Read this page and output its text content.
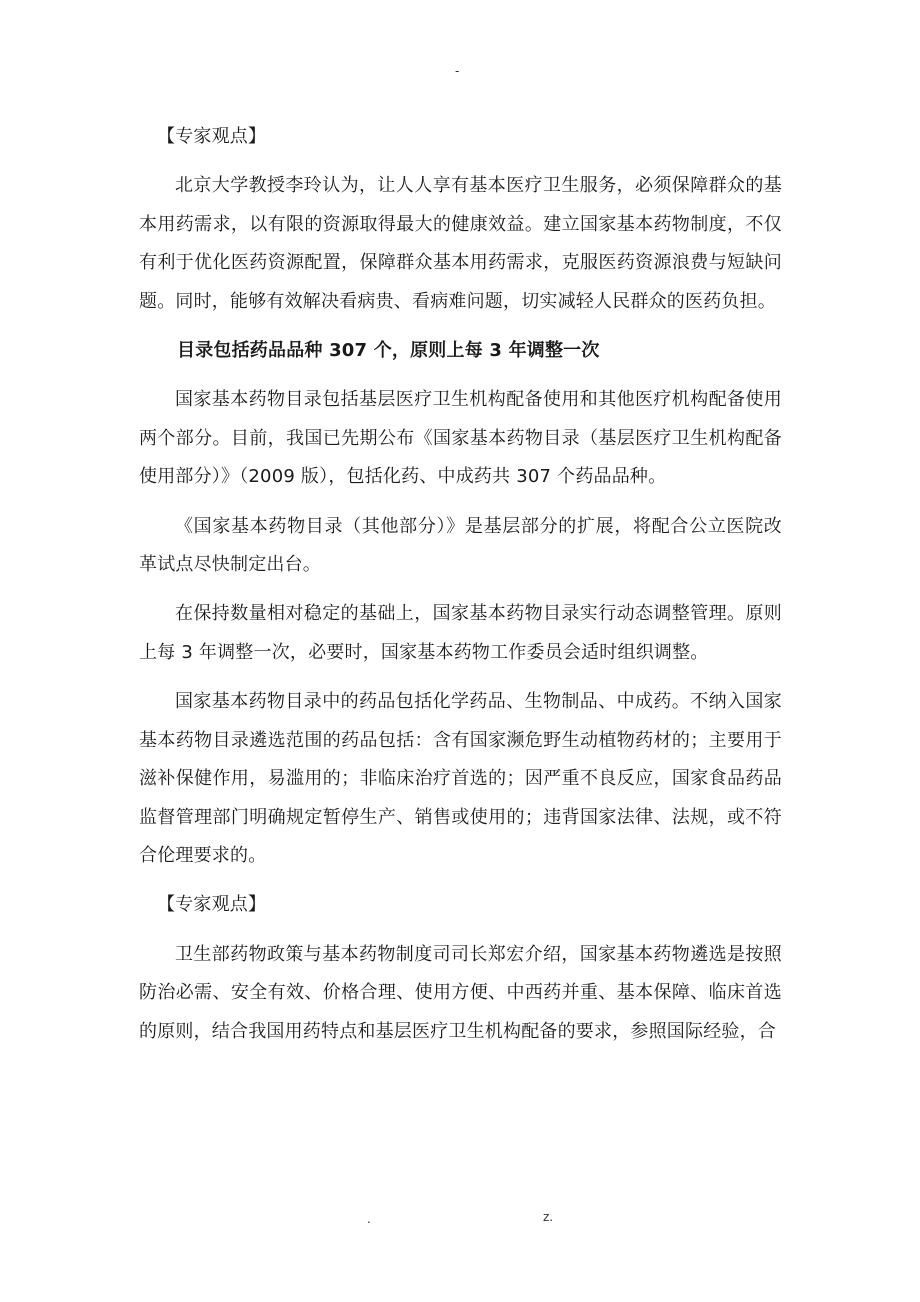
-

【专家观点】

北京大学教授李玲认为，让人人享有基本医疗卫生服务，必须保障群众的基本用药需求，以有限的资源取得最大的健康效益。建立国家基本药物制度，不仅有利于优化医药资源配置，保障群众基本用药需求，克服医药资源浪费与短缺问题。同时，能够有效解决看病贵、看病难问题，切实减轻人民群众的医药负担。

目录包括药品品种 307 个，原则上每 3 年调整一次

国家基本药物目录包括基层医疗卫生机构配备使用和其他医疗机构配备使用两个部分。目前，我国已先期公布《国家基本药物目录（基层医疗卫生机构配备使用部分）》（2009 版），包括化药、中成药共 307 个药品品种。

《国家基本药物目录（其他部分）》是基层部分的扩展，将配合公立医院改革试点尽快制定出台。

在保持数量相对稳定的基础上，国家基本药物目录实行动态调整管理。原则上每 3 年调整一次，必要时，国家基本药物工作委员会适时组织调整。

国家基本药物目录中的药品包括化学药品、生物制品、中成药。不纳入国家基本药物目录遴选范围的药品包括：含有国家濒危野生动植物药材的；主要用于滋补保健作用，易滥用的；非临床治疗首选的；因严重不良反应，国家食品药品监督管理部门明确规定暂停生产、销售或使用的；违背国家法律、法规，或不符合伦理要求的。

【专家观点】

卫生部药物政策与基本药物制度司司长郑宏介绍，国家基本药物遴选是按照防治必需、安全有效、价格合理、使用方便、中西药并重、基本保障、临床首选的原则，结合我国用药特点和基层医疗卫生机构配备的要求，参照国际经验，合

.	z.
